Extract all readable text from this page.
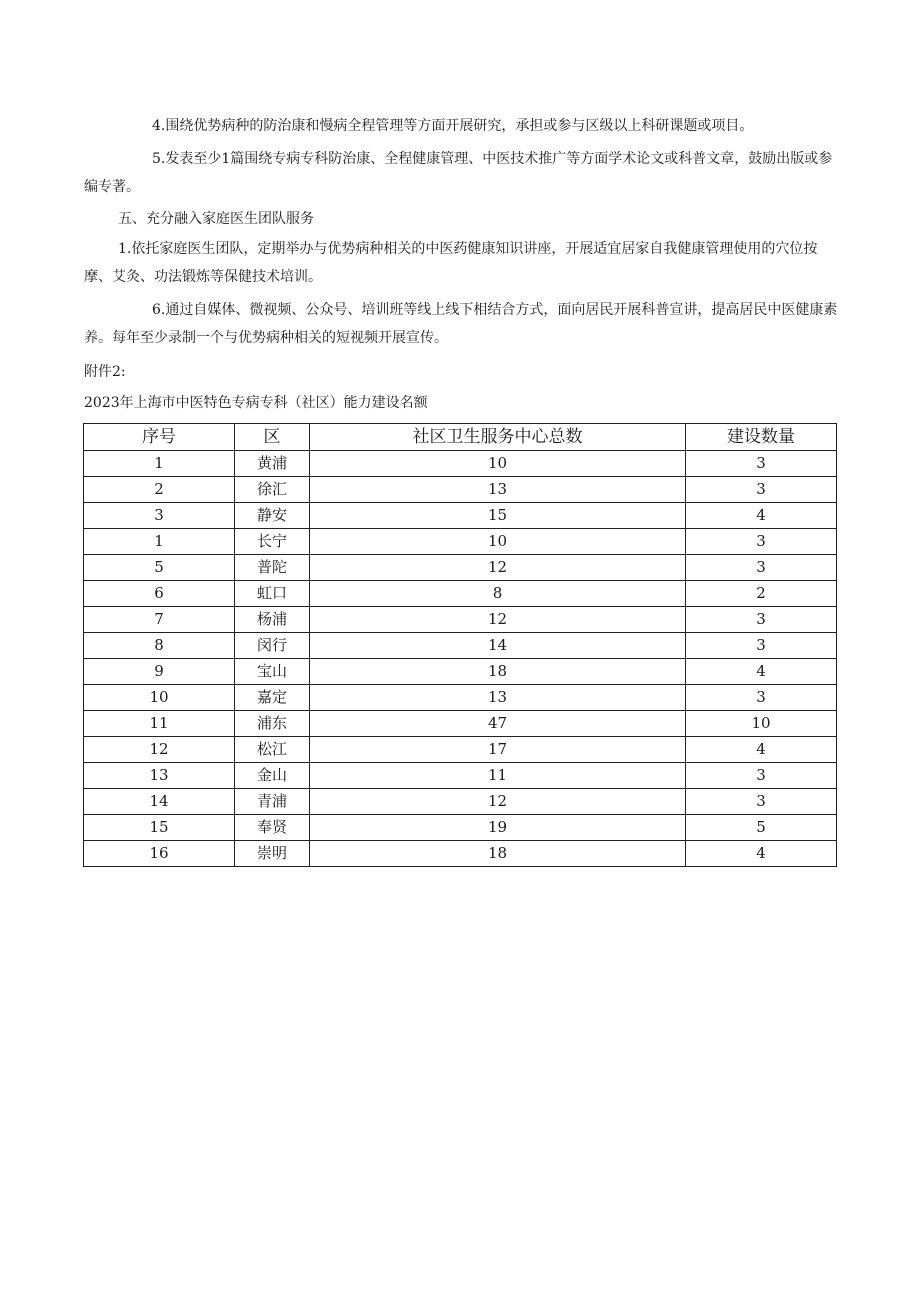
4.围绕优势病种的防治康和慢病全程管理等方面开展研究，承担或参与区级以上科研课题或项目。

5.发表至少1篇围绕专病专科防治康、全程健康管理、中医技术推广等方面学术论文或科普文章，鼓励出版或参编专著。

五、充分融入家庭医生团队服务

1.依托家庭医生团队，定期举办与优势病种相关的中医药健康知识讲座，开展适宜居家自我健康管理使用的穴位按摩、艾灸、功法锻炼等保健技术培训。

6.通过自媒体、微视频、公众号、培训班等线上线下相结合方式，面向居民开展科普宣讲，提高居民中医健康素养。每年至少录制一个与优势病种相关的短视频开展宣传。

附件2:

2023年上海市中医特色专病专科（社区）能力建设名额

序号	区	社区卫生服务中心总数	建设数量
1	黄浦	10	3
2	徐汇	13	3
3	静安	15	4
1	长宁	10	3
5	普陀	12	3
6	虹口	8	2
7	杨浦	12	3
8	闵行	14	3
9	宝山	18	4
10	嘉定	13	3
11	浦东	47	10
12	松江	17	4
13	金山	11	3
14	青浦	12	3
15	奉贤	19	5
16	崇明	18	4
